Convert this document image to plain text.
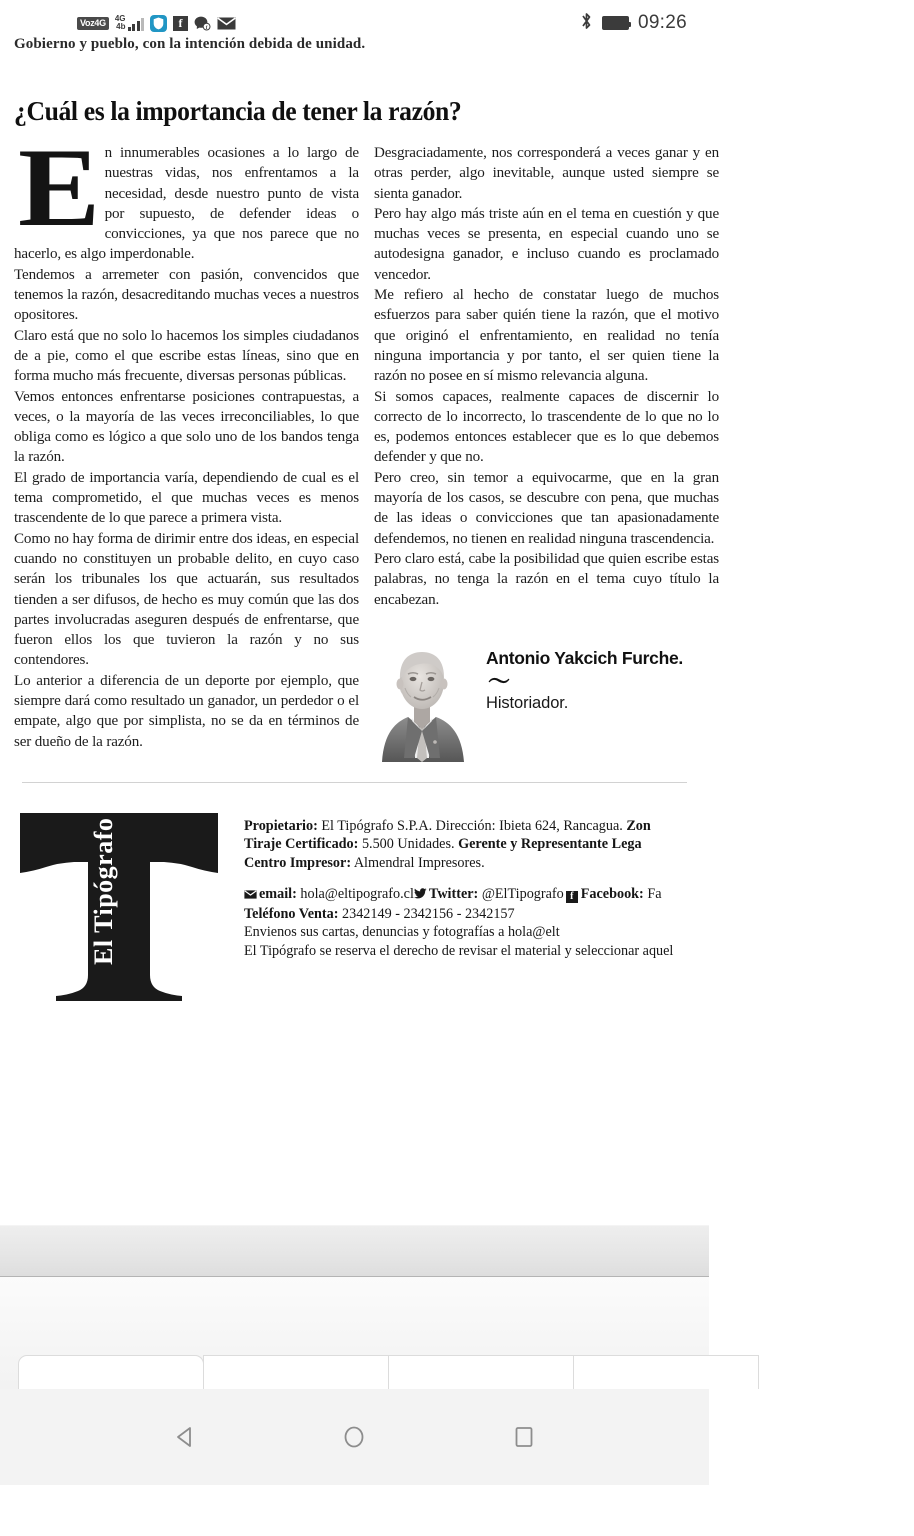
Voz4G	4G
4b	f	f	09:26
Gobierno y pueblo, con la intención debida de unidad.
¿Cuál es la importancia de tener la razón?
E n innumerables ocasiones a lo largo de nuestras vidas, nos enfrentamos a la necesidad, desde nuestro punto de vista por supuesto, de defender ideas o convicciones, ya que nos parece que no hacerlo, es algo imperdonable.

Tendemos a arremeter con pasión, convencidos que tenemos la razón, desacreditando muchas veces a nuestros opositores.

Claro está que no solo lo hacemos los simples ciudadanos de a pie, como el que escribe estas líneas, sino que en forma mucho más frecuente, diversas personas públicas.

Vemos entonces enfrentarse posiciones contrapuestas, a veces, o la mayoría de las veces irreconciliables, lo que obliga como es lógico a que solo uno de los bandos tenga la razón.

El grado de importancia varía, dependiendo de cual es el tema comprometido, el que muchas veces es menos trascendente de lo que parece a primera vista.

Como no hay forma de dirimir entre dos ideas, en especial cuando no constituyen un probable delito, en cuyo caso serán los tribunales los que actuarán, sus resultados tienden a ser difusos, de hecho es muy común que las dos partes involucradas aseguren después de enfrentarse, que fueron ellos los que tuvieron la razón y no sus contendores.

Lo anterior a diferencia de un deporte por ejemplo, que siempre dará como resultado un ganador, un perdedor o el empate, algo que por simplista, no se da en términos de ser dueño de la razón.

Desgraciadamente, nos corresponderá a veces ganar y en otras perder, algo inevitable, aunque usted siempre se sienta ganador.

Pero hay algo más triste aún en el tema en cuestión y que muchas veces se presenta, en especial cuando uno se autodesigna ganador, e incluso cuando es proclamado vencedor.

Me refiero al hecho de constatar luego de muchos esfuerzos para saber quién tiene la razón, que el motivo que originó el enfrentamiento, en realidad no tenía ninguna importancia y por tanto, el ser quien tiene la razón no posee en sí mismo relevancia alguna.

Si somos capaces, realmente capaces de discernir lo correcto de lo incorrecto, lo trascendente de lo que no lo es, podemos entonces establecer que es lo que debemos defender y que no.

Pero creo, sin temor a equivocarme, que en la gran mayoría de los casos, se descubre con pena, que muchas de las ideas o convicciones que tan apasionadamente defendemos, no tienen en realidad ninguna trascendencia.

Pero claro está, cabe la posibilidad que quien escribe estas palabras, no tenga la razón en el tema cuyo título la encabezan.

Antonio Yakcich Furche.
〜
Historiador.
El Tipógrafo	Propietario: El Tipógrafo S.P.A. Dirección: Ibieta 624, Rancagua. Zon
Tiraje Certificado: 5.500 Unidades. Gerente y Representante Lega
Centro Impresor: Almendral Impresores.
email: hola@eltipografo.cl Twitter: @ElTipografo f Facebook: Fa
Teléfono Venta: 2342149 - 2342156 - 2342157
Envienos sus cartas, denuncias y fotografías a hola@elt
El Tipógrafo se reserva el derecho de revisar el material y seleccionar aquel
